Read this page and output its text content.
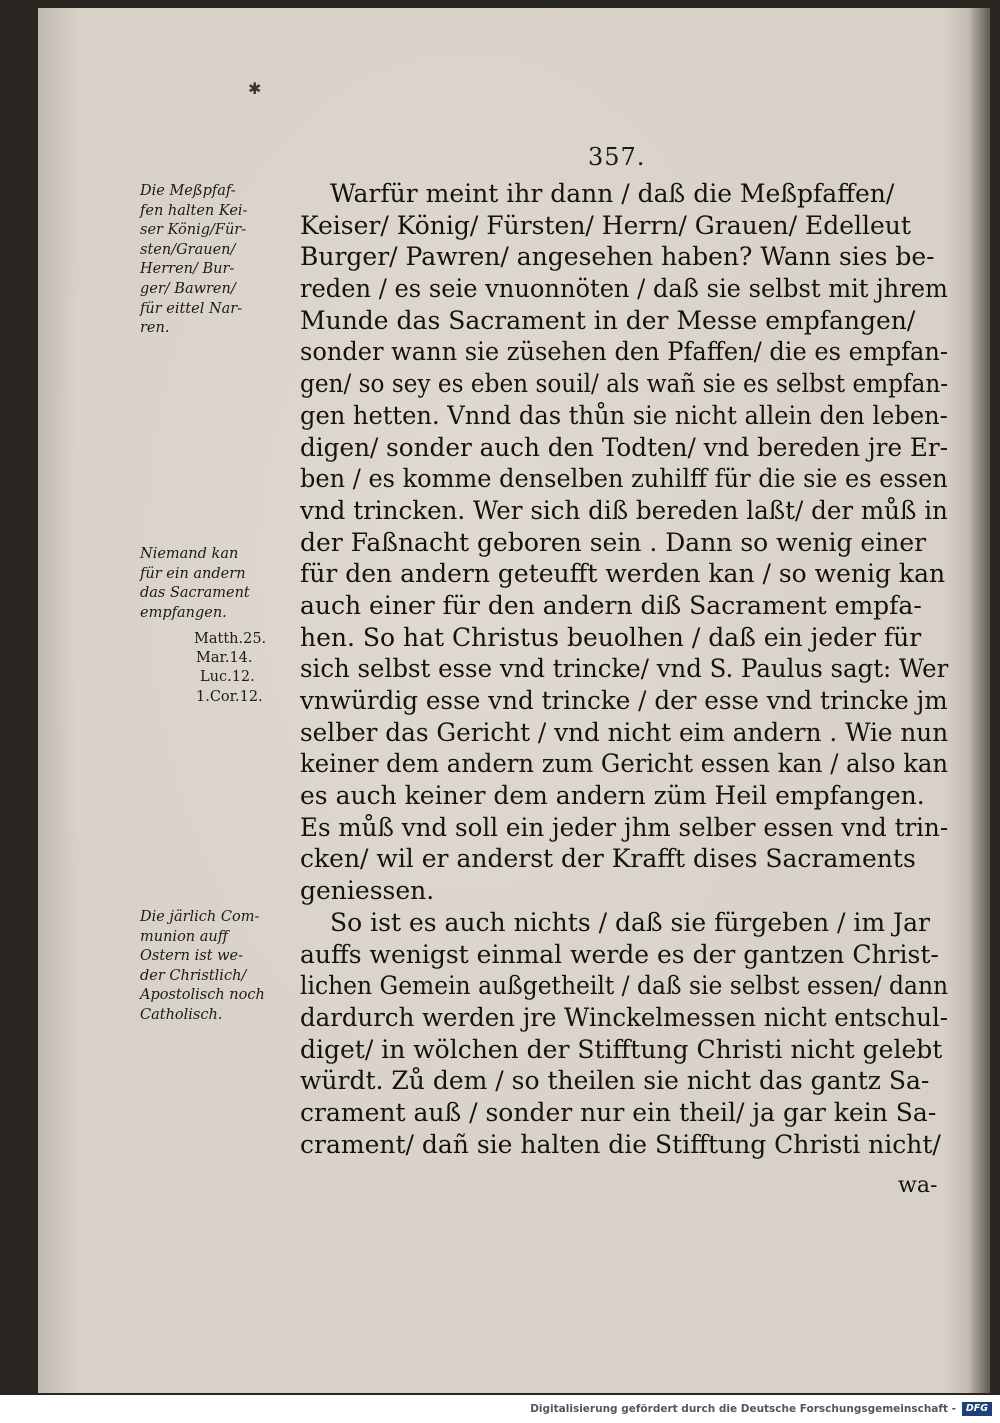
✱
357.
Die Meßpfaf-
fen halten Kei-
ser König/Für-
sten/Grauen/
Herren/ Bur-
ger/ Bawren/
für eittel Nar-
ren.
Niemand kan
für ein andern
das Sacrament
empfangen.
Matth.25.
Mar.14.
Luc.12.
1.Cor.12.
Die järlich Com-
munion auff
Ostern ist we-
der Christlich/
Apostolisch noch
Catholisch.
Warfür meint ihr dann / daß die Meßpfaffen/
Keiser/ König/ Fürsten/ Herrn/ Grauen/ Edelleut
Burger/ Pawren/ angesehen haben? Wann sies be-
reden / es seie vnuonnöten / daß sie selbst mit jhrem
Munde das Sacrament in der Messe empfangen/
sonder wann sie züsehen den Pfaffen/ die es empfan-
gen/ so sey es eben souil/ als wañ sie es selbst empfan-
gen hetten. Vnnd das thůn sie nicht allein den leben-
digen/ sonder auch den Todten/ vnd bereden jre Er-
ben / es komme denselben zuhilff für die sie es essen
vnd trincken. Wer sich diß bereden laßt/ der můß in
der Faßnacht geboren sein . Dann so wenig einer
für den andern geteufft werden kan / so wenig kan
auch einer für den andern diß Sacrament empfa-
hen. So hat Christus beuolhen / daß ein jeder für
sich selbst esse vnd trincke/ vnd S. Paulus sagt: Wer
vnwürdig esse vnd trincke / der esse vnd trincke jm
selber das Gericht / vnd nicht eim andern . Wie nun
keiner dem andern zum Gericht essen kan / also kan
es auch keiner dem andern züm Heil empfangen.
Es můß vnd soll ein jeder jhm selber essen vnd trin-
cken/ wil er anderst der Krafft dises Sacraments
geniessen.
So ist es auch nichts / daß sie fürgeben / im Jar
auffs wenigst einmal werde es der gantzen Christ-
lichen Gemein außgetheilt / daß sie selbst essen/ dann
dardurch werden jre Winckelmessen nicht entschul-
diget/ in wölchen der Stifftung Christi nicht gelebt
würdt. Zů dem / so theilen sie nicht das gantz Sa-
crament auß / sonder nur ein theil/ ja gar kein Sa-
crament/ dañ sie halten die Stifftung Christi nicht/
wa-
Digitalisierung gefördert durch die Deutsche Forschungsgemeinschaft -	DFG
